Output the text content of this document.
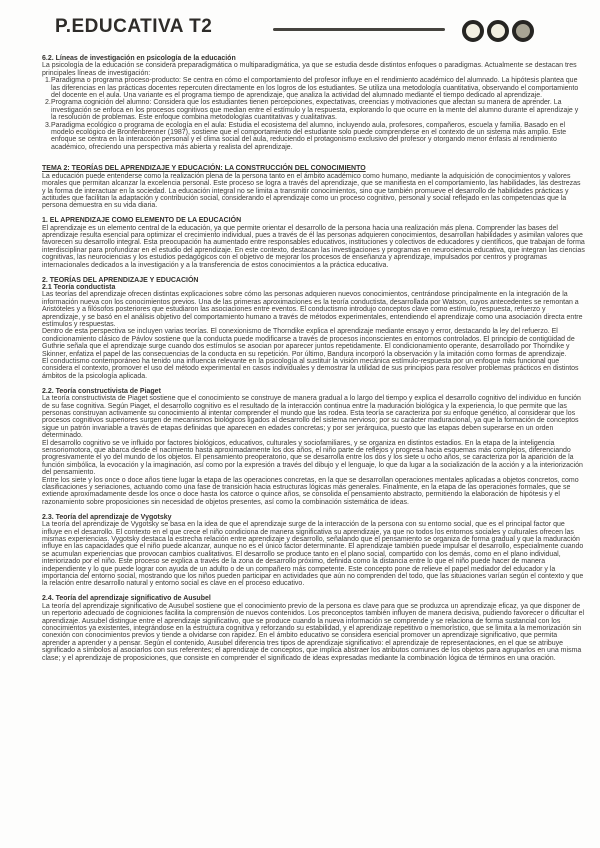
P.EDUCATIVA T2
6.2. Líneas de investigación en psicología de la educación

La psicología de la educación se considera preparadigmática o multiparadigmática, ya que se estudia desde distintos enfoques o paradigmas. Actualmente se destacan tres principales líneas de investigación:

1. Paradigma o programa proceso-producto: Se centra en cómo el comportamiento del profesor influye en el rendimiento académico del alumnado. La hipótesis plantea que las diferencias en las prácticas docentes repercuten directamente en los logros de los estudiantes. Se utiliza una metodología cuantitativa, observando el comportamiento del docente en el aula. Una variante es el programa tiempo de aprendizaje, que analiza la actividad del alumnado mediante el tiempo dedicado al aprendizaje.
2. Programa cognición del alumno: Considera que los estudiantes tienen percepciones, expectativas, creencias y motivaciones que afectan su manera de aprender. La investigación se enfoca en los procesos cognitivos que median entre el estímulo y la respuesta, explorando lo que ocurre en la mente del alumno durante el aprendizaje y la resolución de problemas. Este enfoque combina metodologías cuantitativas y cualitativas.
3. Paradigma ecológico o programa de ecología en el aula: Estudia el ecosistema del alumno, incluyendo aula, profesores, compañeros, escuela y familia. Basado en el modelo ecológico de Bronfenbrenner (1987), sostiene que el comportamiento del estudiante solo puede comprenderse en el contexto de un sistema más amplio. Este enfoque se centra en la interacción personal y el clima social del aula, reduciendo el protagonismo exclusivo del profesor y otorgando menor énfasis al rendimiento académico, ofreciendo una perspectiva más abierta y realista del aprendizaje.
TEMA 2: TEORÍAS DEL APRENDIZAJE Y EDUCACIÓN: LA CONSTRUCCIÓN DEL CONOCIMIENTO

La educación puede entenderse como la realización plena de la persona tanto en el ámbito académico como humano, mediante la adquisición de conocimientos y valores morales que permitan alcanzar la excelencia personal. Este proceso se logra a través del aprendizaje, que se manifiesta en el comportamiento, las habilidades, las destrezas y la forma de interactuar en la sociedad. La educación integral no se limita a transmitir conocimientos, sino que también promueve el desarrollo de habilidades prácticas y actitudes que facilitan la adaptación y contribución social, considerando el aprendizaje como un proceso cognitivo, personal y social reflejado en las competencias que la persona demuestra en su vida diaria.

1. EL APRENDIZAJE COMO ELEMENTO DE LA EDUCACIÓN

El aprendizaje es un elemento central de la educación, ya que permite orientar el desarrollo de la persona hacia una realización más plena. Comprender las bases del aprendizaje resulta esencial para optimizar el crecimiento individual, pues a través de él las personas adquieren conocimientos, desarrollan habilidades y asimilan valores que favorecen su desarrollo integral. Esta preocupación ha aumentado entre responsables educativos, instituciones y colectivos de educadores y científicos, que trabajan de forma interdisciplinar para profundizar en el estudio del aprendizaje. En este contexto, destacan las investigaciones y programas en neurociencia educativa, que integran las ciencias cognitivas, las neurociencias y los estudios pedagógicos con el objetivo de mejorar los procesos de enseñanza y aprendizaje, impulsados por centros y programas internacionales dedicados a la investigación y a la transferencia de estos conocimientos a la práctica educativa.

2. TEORÍAS DEL APRENDIZAJE Y EDUCACIÓN
2.1 Teoría conductista

Las teorías del aprendizaje ofrecen distintas explicaciones sobre cómo las personas adquieren nuevos conocimientos, centrándose principalmente en la integración de la información nueva con los conocimientos previos. Una de las primeras aproximaciones es la teoría conductista, desarrollada por Watson, cuyos antecedentes se remontan a Aristóteles y a filósofos posteriores que estudiaron las asociaciones entre eventos. El conductismo introdujo conceptos clave como estímulo, respuesta, refuerzo y aprendizaje, y se basó en el análisis objetivo del comportamiento humano a través de métodos experimentales, entendiendo el aprendizaje como una asociación directa entre estímulos y respuestas.

Dentro de esta perspectiva se incluyen varias teorías. El conexionismo de Thorndike explica el aprendizaje mediante ensayo y error, destacando la ley del refuerzo. El condicionamiento clásico de Pávlov sostiene que la conducta puede modificarse a través de procesos inconscientes en entornos controlados. El principio de contigüidad de Guthrie señala que el aprendizaje surge cuando dos estímulos se asocian por aparecer juntos repetidamente. El condicionamiento operante, desarrollado por Thorndike y Skinner, enfatiza el papel de las consecuencias de la conducta en su repetición. Por último, Bandura incorporó la observación y la imitación como formas de aprendizaje.

El conductismo contemporáneo ha tenido una influencia relevante en la psicología al sustituir la visión mecánica estímulo-respuesta por un enfoque más funcional que considera el contexto, promover el uso del método experimental en casos individuales y demostrar la utilidad de sus principios para resolver problemas prácticos en distintos ámbitos de la psicología aplicada.

2.2. Teoría constructivista de Piaget

La teoría constructivista de Piaget sostiene que el conocimiento se construye de manera gradual a lo largo del tiempo y explica el desarrollo cognitivo del individuo en función de su fase cognitiva. Según Piaget, el desarrollo cognitivo es el resultado de la interacción continua entre la maduración biológica y la experiencia, lo que permite que las personas construyan activamente su conocimiento al intentar comprender el mundo que las rodea. Esta teoría se caracteriza por su enfoque genético, al considerar que los procesos cognitivos superiores surgen de mecanismos biológicos ligados al desarrollo del sistema nervioso; por su carácter maduracional, ya que la formación de conceptos sigue un patrón invariable a través de etapas definidas que aparecen en edades concretas; y por ser jerárquica, puesto que las etapas deben superarse en un orden determinado.

El desarrollo cognitivo se ve influido por factores biológicos, educativos, culturales y sociofamiliares, y se organiza en distintos estadios. En la etapa de la inteligencia sensoriomotora, que abarca desde el nacimiento hasta aproximadamente los dos años, el niño parte de reflejos y progresa hacia esquemas más complejos, diferenciando progresivamente el yo del mundo de los objetos. El pensamiento preoperatorio, que se desarrolla entre los dos y los siete u ocho años, se caracteriza por la aparición de la función simbólica, la evocación y la imaginación, así como por la expresión a través del dibujo y el lenguaje, lo que da lugar a la socialización de la acción y a la interiorización del pensamiento.

Entre los siete y los once o doce años tiene lugar la etapa de las operaciones concretas, en la que se desarrollan operaciones mentales aplicadas a objetos concretos, como clasificaciones y seriaciones, actuando como una fase de transición hacia estructuras lógicas más generales. Finalmente, en la etapa de las operaciones formales, que se extiende aproximadamente desde los once o doce hasta los catorce o quince años, se consolida el pensamiento abstracto, permitiendo la elaboración de hipótesis y el razonamiento sobre proposiciones sin necesidad de objetos presentes, así como la combinación sistemática de ideas.

2.3. Teoría del aprendizaje de Vygotsky

La teoría del aprendizaje de Vygotsky se basa en la idea de que el aprendizaje surge de la interacción de la persona con su entorno social, que es el principal factor que influye en el desarrollo. El contexto en el que crece el niño condiciona de manera significativa su aprendizaje, ya que no todos los entornos sociales y culturales ofrecen las mismas experiencias. Vygotsky destaca la estrecha relación entre aprendizaje y desarrollo, señalando que el pensamiento se organiza de forma gradual y que la maduración influye en las capacidades que el niño puede alcanzar, aunque no es el único factor determinante. El aprendizaje también puede impulsar el desarrollo, especialmente cuando se acumulan experiencias que provocan cambios cualitativos. El desarrollo se produce tanto en el plano social, compartido con los demás, como en el plano individual, interiorizado por el niño. Este proceso se explica a través de la zona de desarrollo próximo, definida como la distancia entre lo que el niño puede hacer de manera independiente y lo que puede lograr con ayuda de un adulto o de un compañero más competente. Este concepto pone de relieve el papel mediador del educador y la importancia del entorno social, mostrando que los niños pueden participar en actividades que aún no comprenden del todo, que las situaciones varían según el contexto y que la relación entre desarrollo natural y entorno social es clave en el proceso educativo.

2.4. Teoría del aprendizaje significativo de Ausubel

La teoría del aprendizaje significativo de Ausubel sostiene que el conocimiento previo de la persona es clave para que se produzca un aprendizaje eficaz, ya que disponer de un repertorio adecuado de cogniciones facilita la comprensión de nuevos contenidos. Los preconceptos también influyen de manera decisiva, pudiendo favorecer o dificultar el aprendizaje. Ausubel distingue entre el aprendizaje significativo, que se produce cuando la nueva información se comprende y se relaciona de forma sustancial con los conocimientos ya existentes, integrándose en la estructura cognitiva y reforzando su estabilidad, y el aprendizaje repetitivo o memorístico, que se limita a la memorización sin conexión con conocimientos previos y tiende a olvidarse con rapidez. En el ámbito educativo se considera esencial promover un aprendizaje significativo, que permita aprender a aprender y a pensar. Según el contenido, Ausubel diferencia tres tipos de aprendizaje significativo: el aprendizaje de representaciones, en el que se atribuye significado a símbolos al asociarlos con sus referentes; el aprendizaje de conceptos, que implica abstraer los atributos comunes de los objetos para agruparlos en una misma clase; y el aprendizaje de proposiciones, que consiste en comprender el significado de ideas expresadas mediante la combinación lógica de términos en una oración.
